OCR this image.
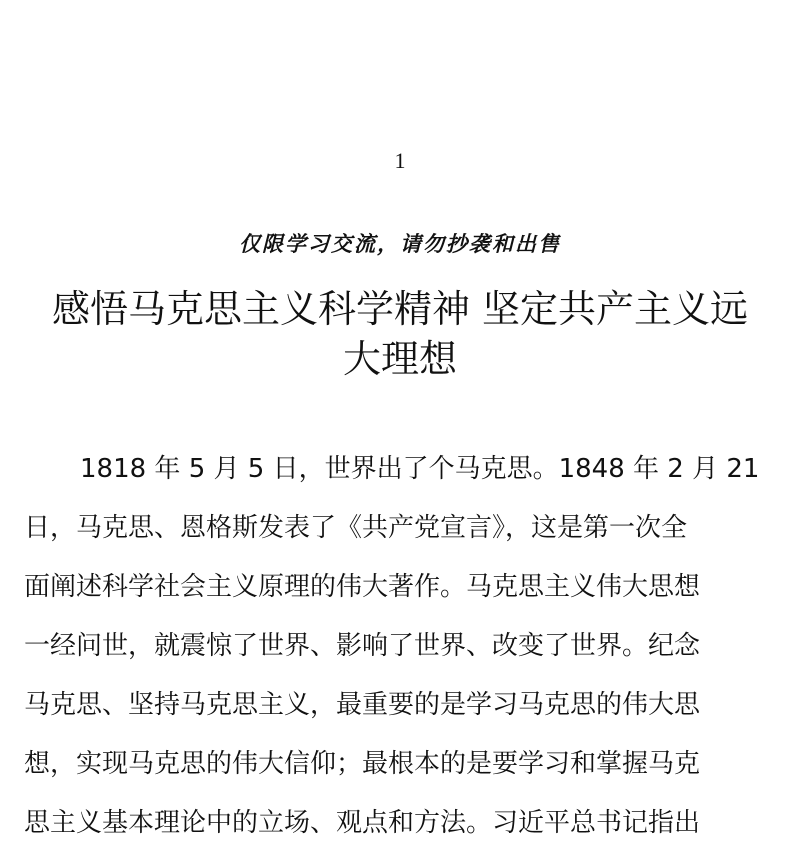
1
仅限学习交流，请勿抄袭和出售
感悟马克思主义科学精神 坚定共产主义远
大理想
1818 年 5 月 5 日，世界出了个马克思。1848 年 2 月 21
日，马克思、恩格斯发表了《共产党宣言》，这是第一次全
面阐述科学社会主义原理的伟大著作。马克思主义伟大思想
一经问世，就震惊了世界、影响了世界、改变了世界。纪念
马克思、坚持马克思主义，最重要的是学习马克思的伟大思
想，实现马克思的伟大信仰；最根本的是要学习和掌握马克
思主义基本理论中的立场、观点和方法。习近平总书记指出
